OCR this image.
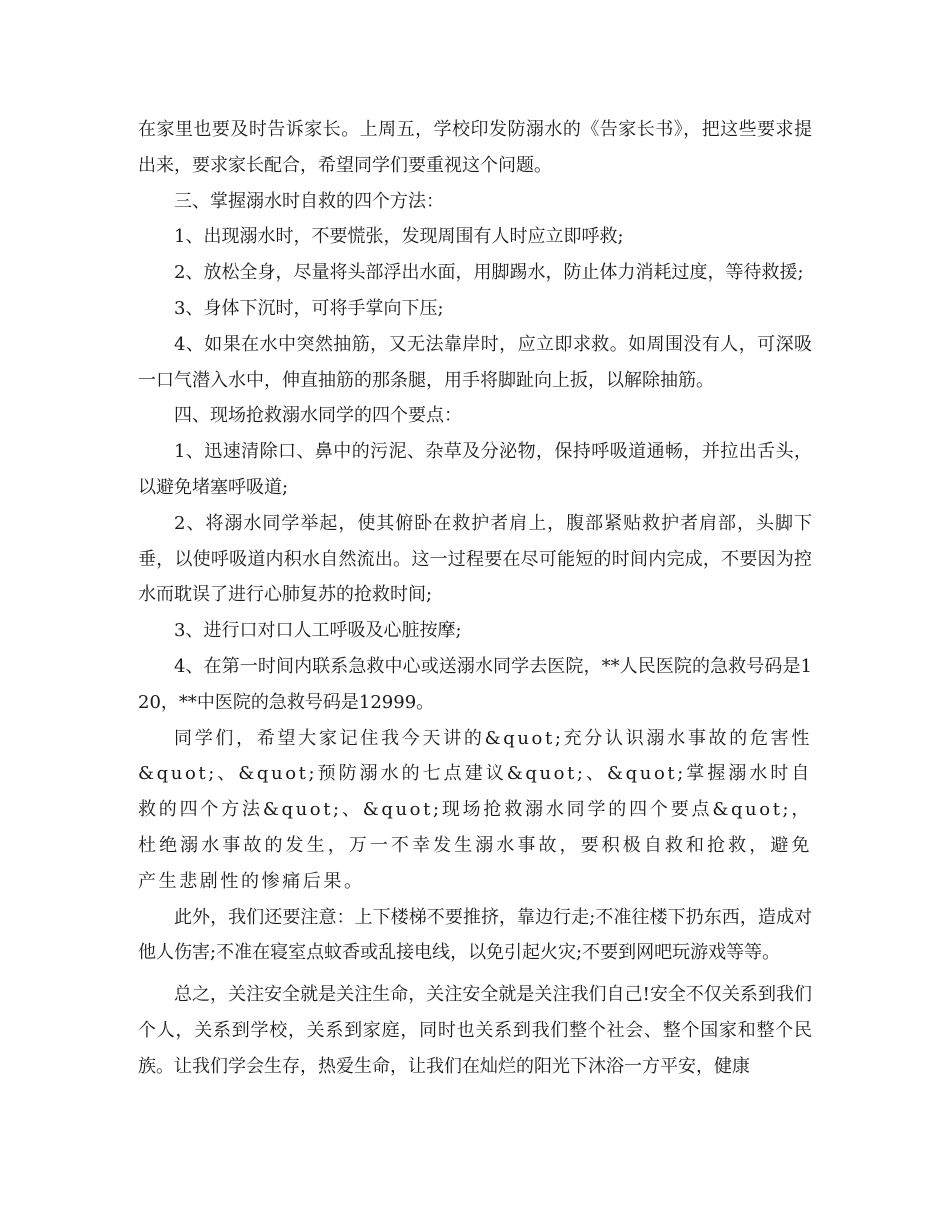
在家里也要及时告诉家长。上周五，学校印发防溺水的《告家长书》，把这些要求提出来，要求家长配合，希望同学们要重视这个问题。

三、掌握溺水时自救的四个方法：

1、出现溺水时，不要慌张，发现周围有人时应立即呼救;

2、放松全身，尽量将头部浮出水面，用脚踢水，防止体力消耗过度，等待救援;

3、身体下沉时，可将手掌向下压;

4、如果在水中突然抽筋，又无法靠岸时，应立即求救。如周围没有人，可深吸一口气潜入水中，伸直抽筋的那条腿，用手将脚趾向上扳，以解除抽筋。

四、现场抢救溺水同学的四个要点：

1、迅速清除口、鼻中的污泥、杂草及分泌物，保持呼吸道通畅，并拉出舌头，以避免堵塞呼吸道;

2、将溺水同学举起，使其俯卧在救护者肩上，腹部紧贴救护者肩部，头脚下垂，以使呼吸道内积水自然流出。这一过程要在尽可能短的时间内完成，不要因为控水而耽误了进行心肺复苏的抢救时间;

3、进行口对口人工呼吸及心脏按摩;

4、在第一时间内联系急救中心或送溺水同学去医院，**人民医院的急救号码是120，**中医院的急救号码是12999。

同学们，希望大家记住我今天讲的&quot;充分认识溺水事故的危害性&quot;、&quot;预防溺水的七点建议&quot;、&quot;掌握溺水时自救的四个方法&quot;、&quot;现场抢救溺水同学的四个要点&quot;，杜绝溺水事故的发生，万一不幸发生溺水事故，要积极自救和抢救，避免产生悲剧性的惨痛后果。

此外，我们还要注意：上下楼梯不要推挤，靠边行走;不准往楼下扔东西，造成对他人伤害;不准在寝室点蚊香或乱接电线，以免引起火灾;不要到网吧玩游戏等等。

总之，关注安全就是关注生命，关注安全就是关注我们自己!安全不仅关系到我们个人，关系到学校，关系到家庭，同时也关系到我们整个社会、整个国家和整个民族。让我们学会生存，热爱生命，让我们在灿烂的阳光下沐浴一方平安，健康
